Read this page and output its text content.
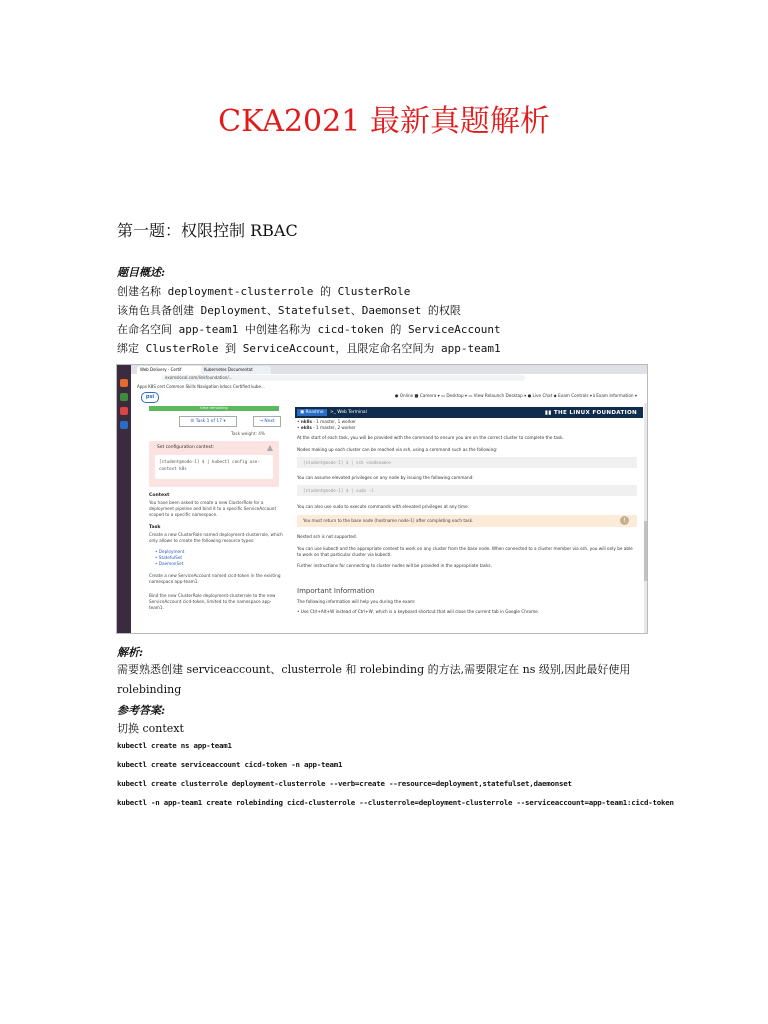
CKA2021 最新真题解析
第一题：权限控制 RBAC
题目概述:
创建名称 deployment-clusterrole 的 ClusterRole
该角色具备创建 Deployment、Statefulset、Daemonset 的权限
在命名空间 app-team1 中创建名称为 cicd-token 的 ServiceAccount
绑定 ClusterRole 到 ServiceAccount，且限定命名空间为 app-team1
Web Delivery - Certif	Kubernetes Documentat
examslocal.com/linkfoundation/...
Apps K8S cert Common Skills Navigation kdocs Certified kube...
psi	● Online ■ Camera ▾ ▭ Desktop ▾ ▭ View Relaunch Desktop ▾ ● Live Chat ◆ Exam Controls ▾ ℹ Exam Information ▾
time remaining
☰ Task 1 of 17 ▾	→ Next
Task weight: 4%
Set configuration context:	▲
[student@node-1] $ | kubectl config use-
context k8s
Context
You have been asked to create a new ClusterRole for a deployment pipeline and bind it to a specific ServiceAccount scoped to a specific namespace.
Task
Create a new ClusterRole named deployment-clusterrole, which only allows to create the following resource types:
• Deployment
• StatefulSet
• DaemonSet
Create a new ServiceAccount named cicd-token in the existing namespace app-team1.
Bind the new ClusterRole deployment-clusterrole to the new ServiceAccount cicd-token, limited to the namespace app-team1.
▣ Readme	>_ Web Terminal	▮▮ THE LINUX FOUNDATION
• nk8s - 1 master, 1 worker
• ek8s - 1 master, 2 worker
At the start of each task, you will be provided with the command to ensure you are on the correct cluster to complete the task.
Nodes making up each cluster can be reached via ssh, using a command such as the following:
[student@node-1] $ | ssh <nodename>
You can assume elevated privileges on any node by issuing the following command:
[student@node-1] $ | sudo -i
You can also use sudo to execute commands with elevated privileges at any time.
You must return to the base node (hostname node-1) after completing each task.	!
Nested ssh is not supported.
You can use kubectl and the appropriate context to work on any cluster from the base node. When connected to a cluster member via ssh, you will only be able to work on that particular cluster via kubectl.
Further instructions for connecting to cluster nodes will be provided in the appropriate tasks.
Important Information
The following information will help you during the exam:
• Use Ctrl+Alt+W instead of Ctrl+W, which is a keyboard shortcut that will close the current tab in Google Chrome.
解析:
需要熟悉创建 serviceaccount、clusterrole 和 rolebinding 的方法,需要限定在 ns 级别,因此最好使用 rolebinding
参考答案:
切换 context
kubectl create ns app-team1
kubectl create serviceaccount cicd-token -n app-team1
kubectl create clusterrole deployment-clusterrole --verb=create --resource=deployment,statefulset,daemonset
kubectl -n app-team1 create rolebinding cicd-clusterrole --clusterrole=deployment-clusterrole --serviceaccount=app-team1:cicd-token
